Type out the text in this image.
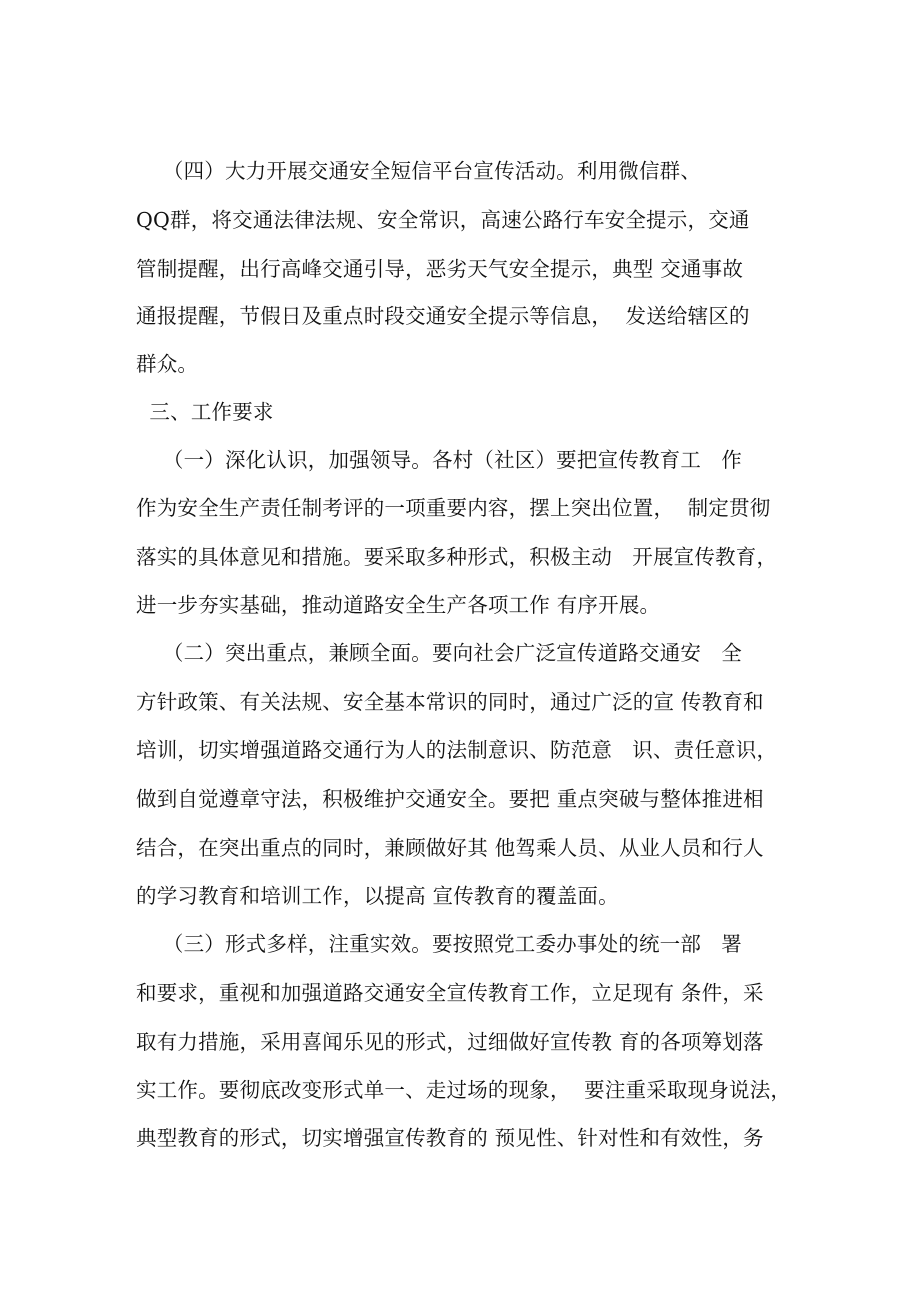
（四）大力开展交通安全短信平台宣传活动。利用微信群、
QQ群，将交通法律法规、安全常识，高速公路行车安全提示，交通
管制提醒，出行高峰交通引导，恶劣天气安全提示，典型 交通事故
通报提醒，节假日及重点时段交通安全提示等信息，  发送给辖区的
群众。
三、工作要求
（一）深化认识，加强领导。各村（社区）要把宣传教育工   作
作为安全生产责任制考评的一项重要内容，摆上突出位置，  制定贯彻
落实的具体意见和措施。要采取多种形式，积极主动   开展宣传教育，
进一步夯实基础，推动道路安全生产各项工作 有序开展。
（二）突出重点，兼顾全面。要向社会广泛宣传道路交通安   全
方针政策、有关法规、安全基本常识的同时，通过广泛的宣 传教育和
培训，切实增强道路交通行为人的法制意识、防范意   识、责任意识，
做到自觉遵章守法，积极维护交通安全。要把 重点突破与整体推进相
结合，在突出重点的同时，兼顾做好其 他驾乘人员、从业人员和行人
的学习教育和培训工作，以提高 宣传教育的覆盖面。
（三）形式多样，注重实效。要按照党工委办事处的统一部   署
和要求，重视和加强道路交通安全宣传教育工作，立足现有 条件，采
取有力措施，采用喜闻乐见的形式，过细做好宣传教 育的各项筹划落
实工作。要彻底改变形式单一、走过场的现象，  要注重采取现身说法，
典型教育的形式，切实增强宣传教育的 预见性、针对性和有效性，务
